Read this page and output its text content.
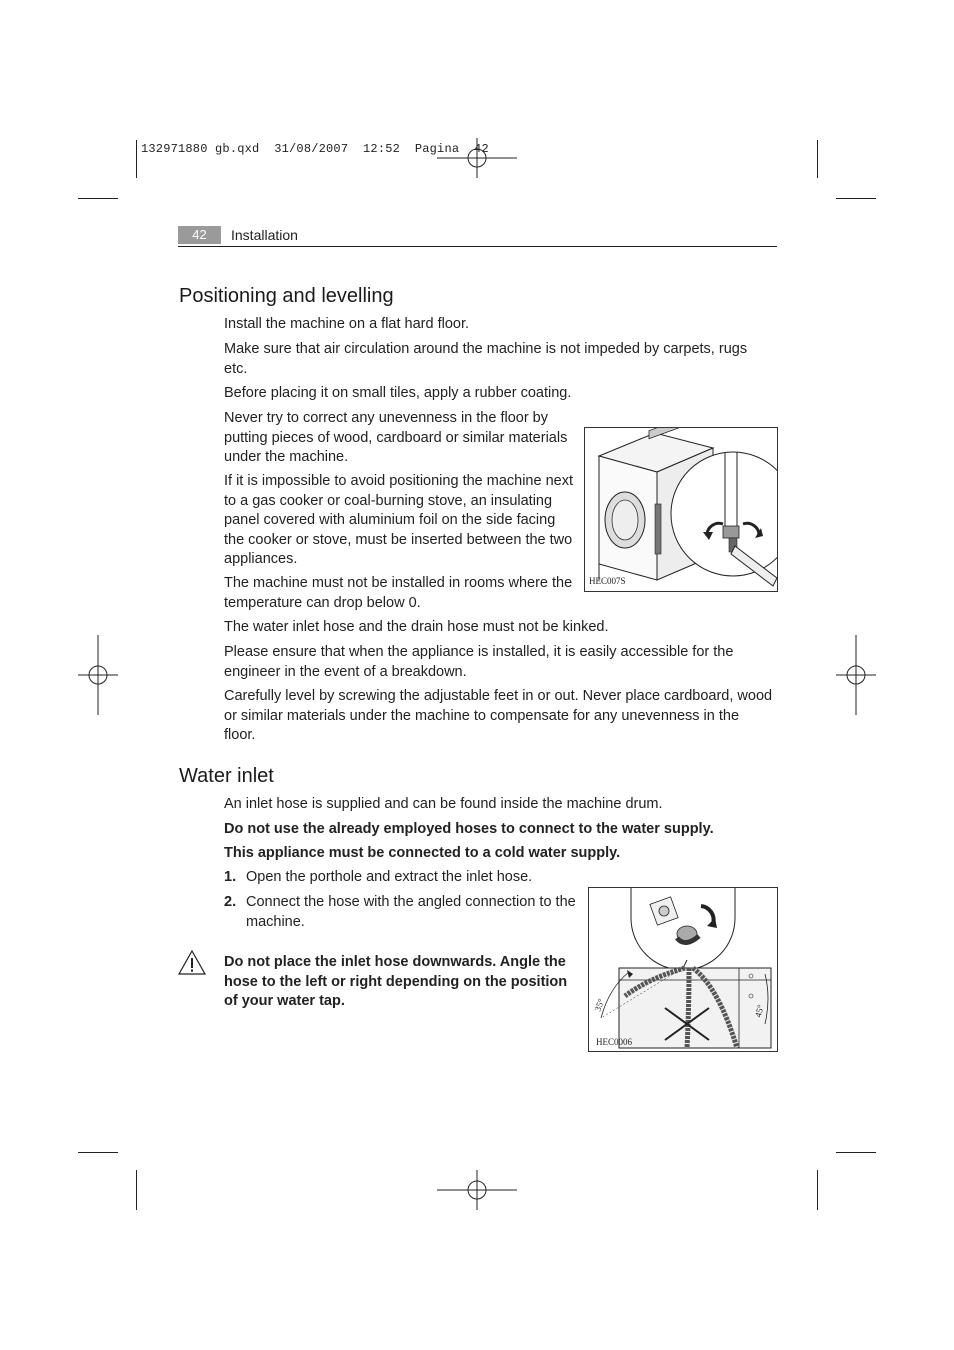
132971880 gb.qxd  31/08/2007  12:52  Pagina  42
42	Installation
Positioning and levelling

Install the machine on a flat hard floor.

Make sure that air circulation around the machine is not impeded by carpets, rugs etc.

Before placing it on small tiles, apply a rubber coating.

Never try to correct any unevenness in the floor by putting pieces of wood, cardboard or similar materials under the machine.

If it is impossible to avoid positioning the machine next to a gas cooker or coal-burning stove, an insulating panel covered with aluminium foil on the side facing the cooker or stove, must be inserted between the two appliances.

The machine must not be installed in rooms where the temperature can drop below 0.

The water inlet hose and the drain hose must not be kinked.

Please ensure that when the appliance is installed, it is easily accessible for the engineer in the event of a breakdown.

Carefully level by screwing the adjustable feet in or out. Never place cardboard, wood or similar materials under the machine to compensate for any unevenness in the floor.

HEC007S
Water inlet

An inlet hose is supplied and can be found inside the machine drum.

Do not use the already employed hoses to connect to the water supply.

This appliance must be connected to a cold water supply.

1. Open the porthole and extract the inlet hose.

2. Connect the hose with the angled connection to the machine.

Do not place the inlet hose downwards. Angle the hose to the left or right depending on the position of your water tap.	35°	45°
HEC0006
